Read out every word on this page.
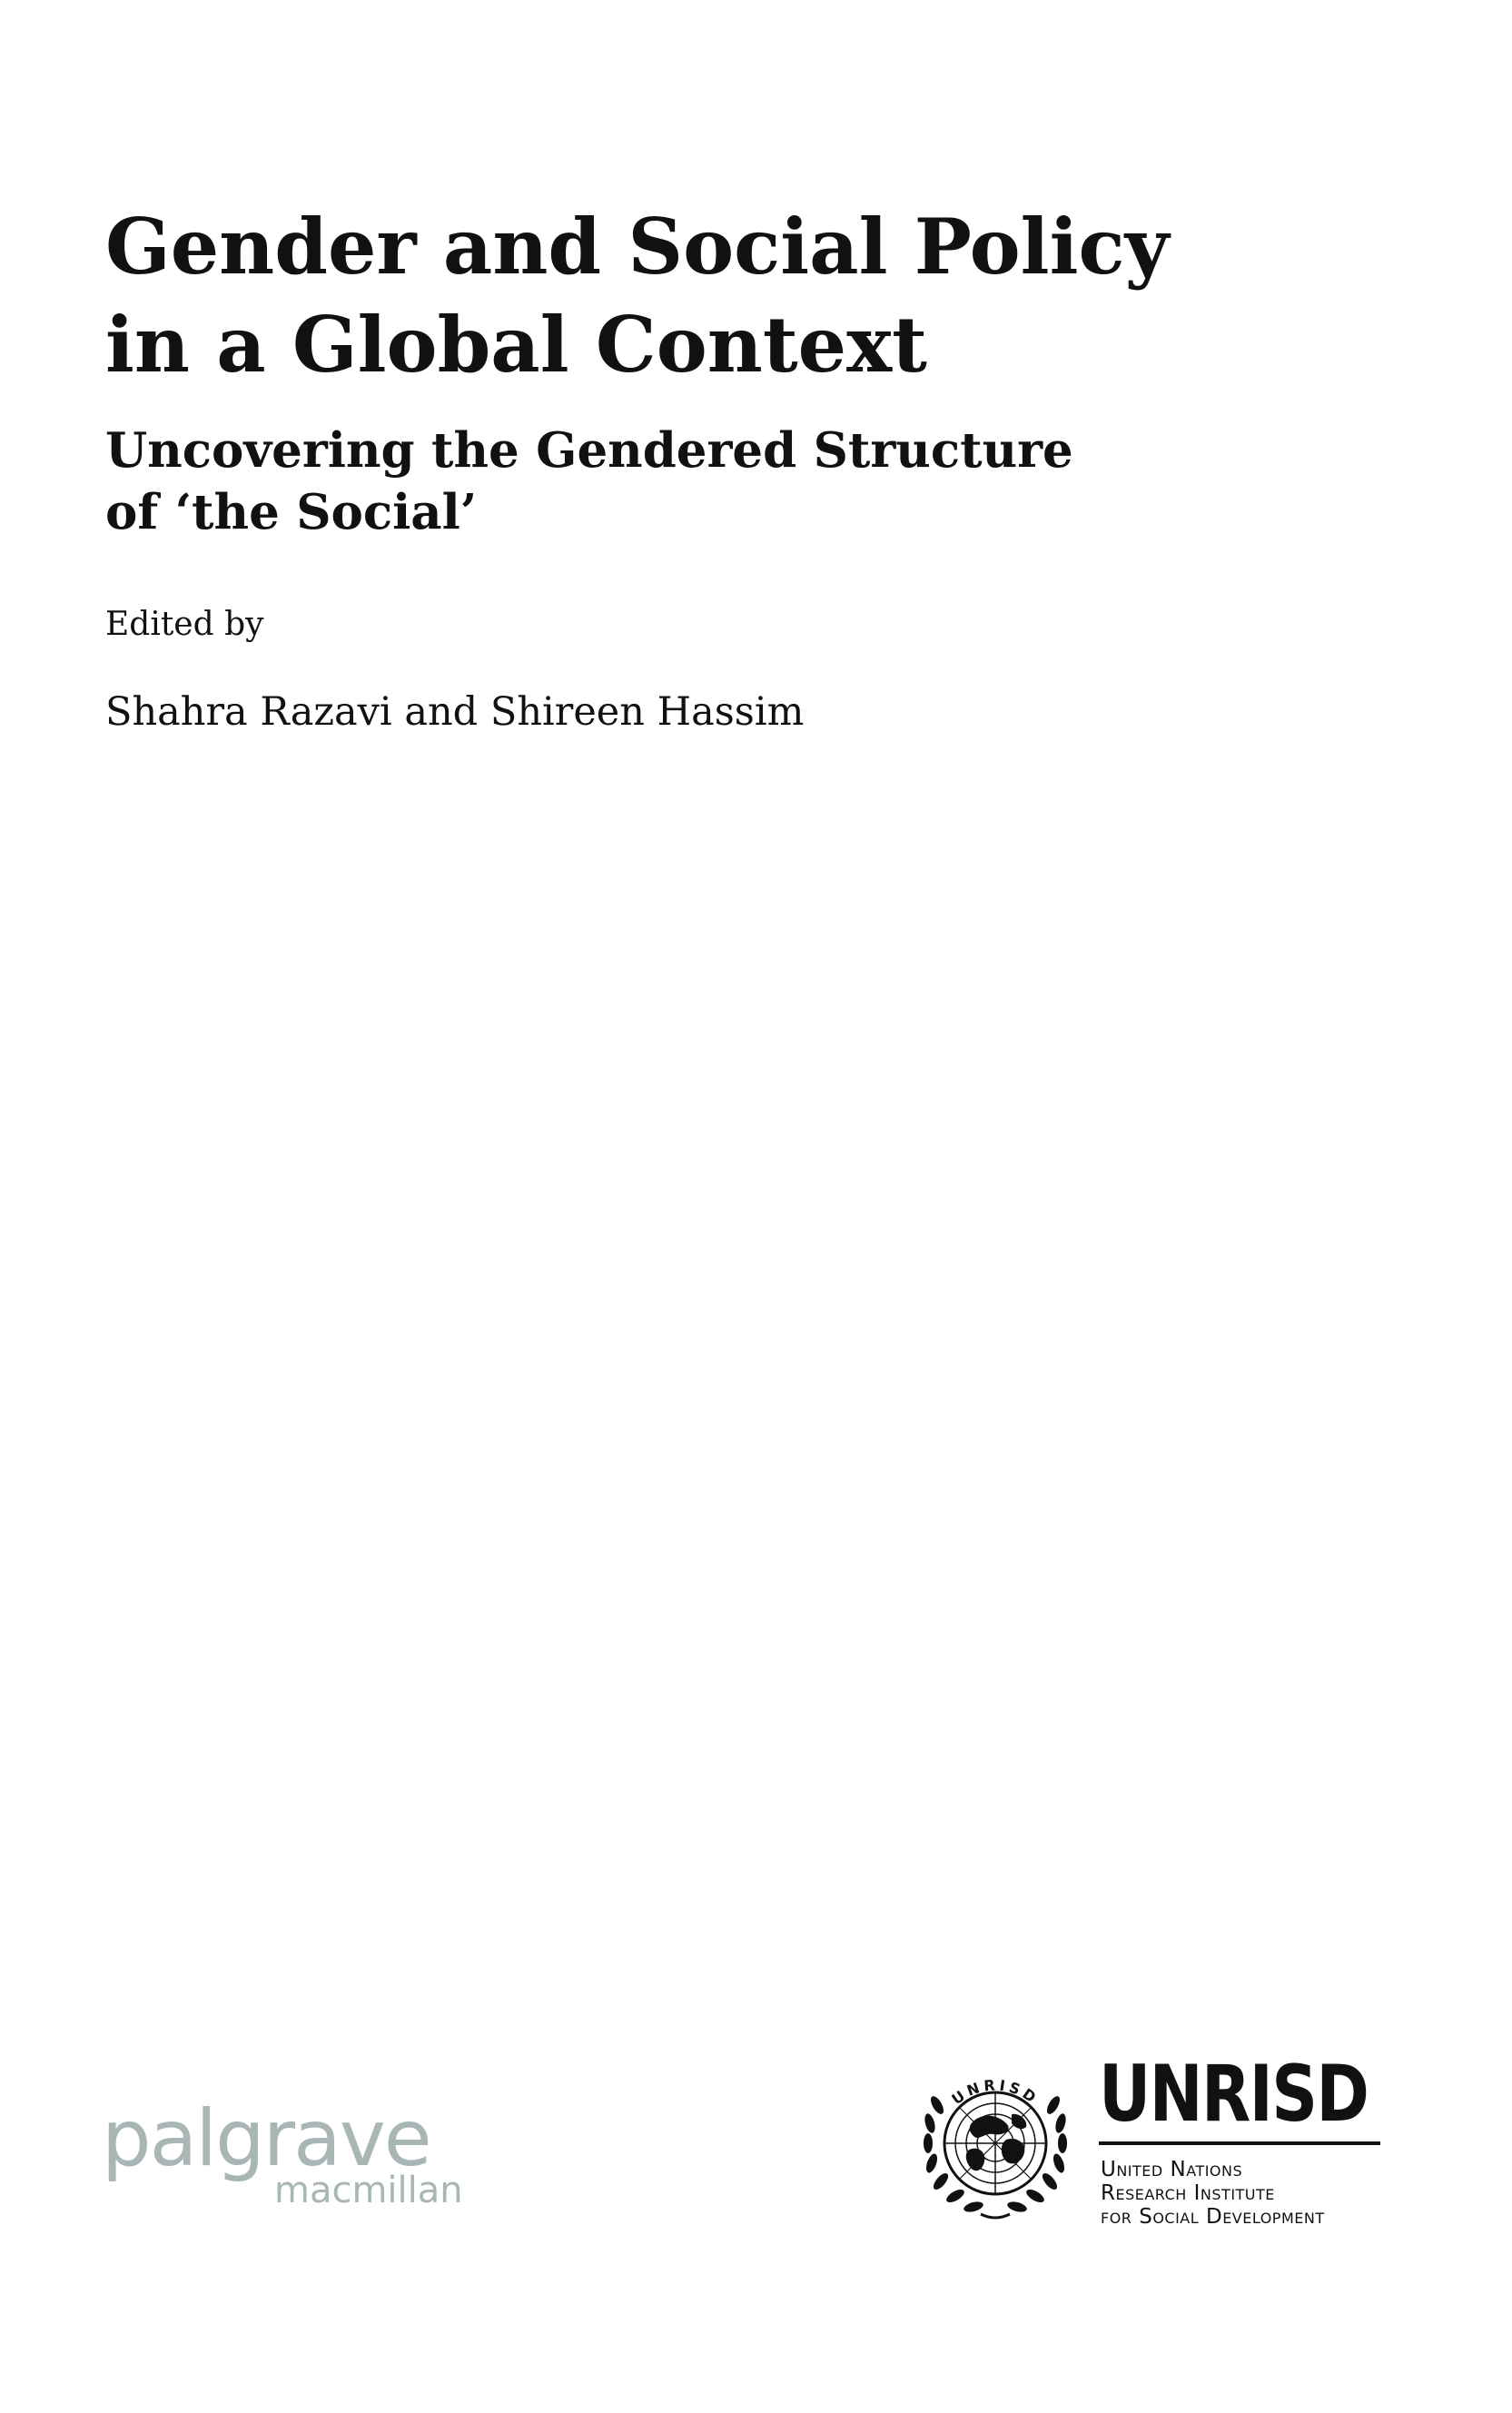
Gender and Social Policy
in a Global Context
Uncovering the Gendered Structure
of ‘the Social’
Edited by
Shahra Razavi and Shireen Hassim
palgrave
macmillan
UNRISD UNRISD
United Nations
Research Institute
for Social Development
